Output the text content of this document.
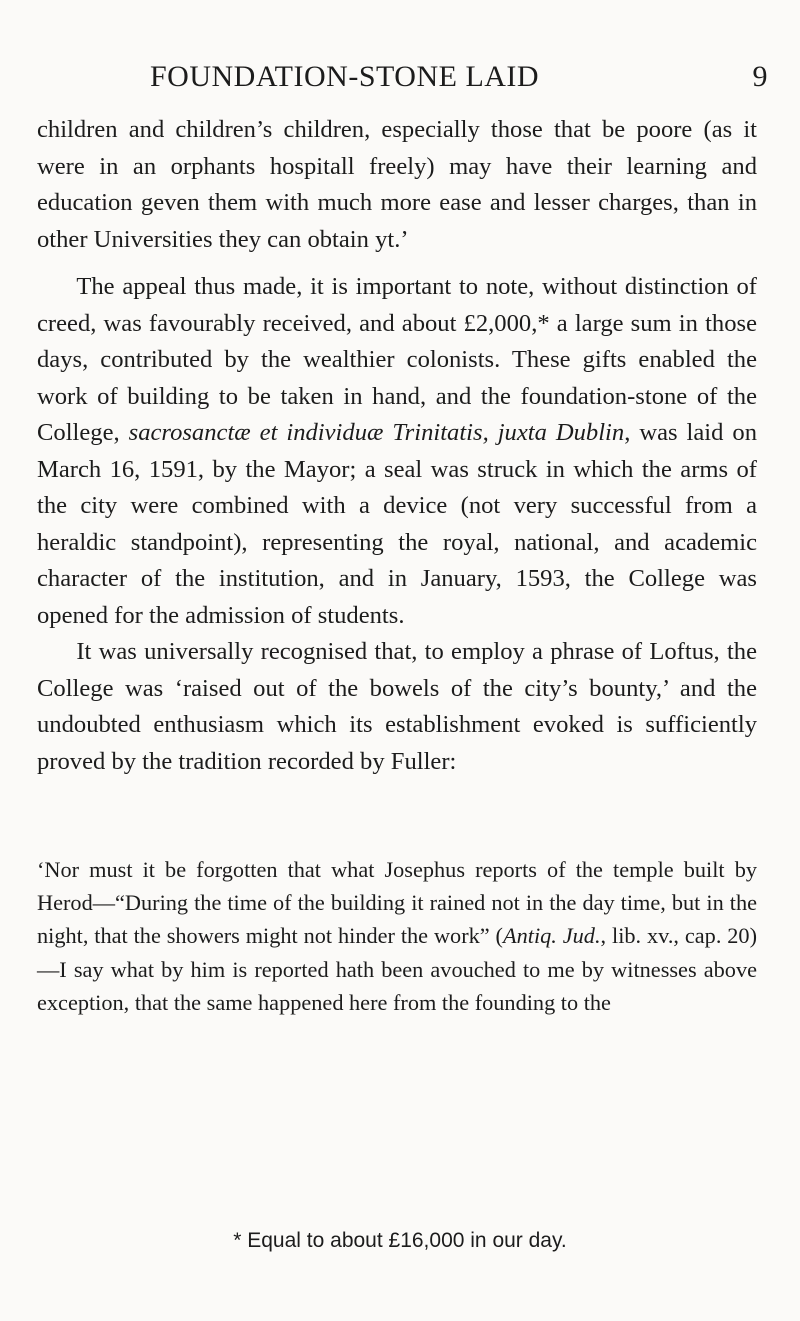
FOUNDATION-STONE LAID	9

children and children’s children, especially those that be poore (as it were in an orphants hospitall freely) may have their learning and education geven them with much more ease and lesser charges, than in other Universities they can obtain yt.’

The appeal thus made, it is important to note, without distinction of creed, was favourably received, and about £2,000,* a large sum in those days, contributed by the wealthier colonists. These gifts enabled the work of building to be taken in hand, and the foundation-stone of the College, sacrosanctæ et individuæ Trinitatis, juxta Dublin, was laid on March 16, 1591, by the Mayor; a seal was struck in which the arms of the city were combined with a device (not very successful from a heraldic standpoint), representing the royal, national, and academic character of the institution, and in January, 1593, the College was opened for the admission of students.

It was universally recognised that, to employ a phrase of Loftus, the College was ‘raised out of the bowels of the city’s bounty,’ and the undoubted enthusiasm which its establishment evoked is sufficiently proved by the tradition recorded by Fuller:

‘Nor must it be forgotten that what Josephus reports of the temple built by Herod—“During the time of the building it rained not in the day time, but in the night, that the showers might not hinder the work” (Antiq. Jud., lib. xv., cap. 20)—I say what by him is reported hath been avouched to me by witnesses above exception, that the same happened here from the founding to the

* Equal to about £16,000 in our day.
